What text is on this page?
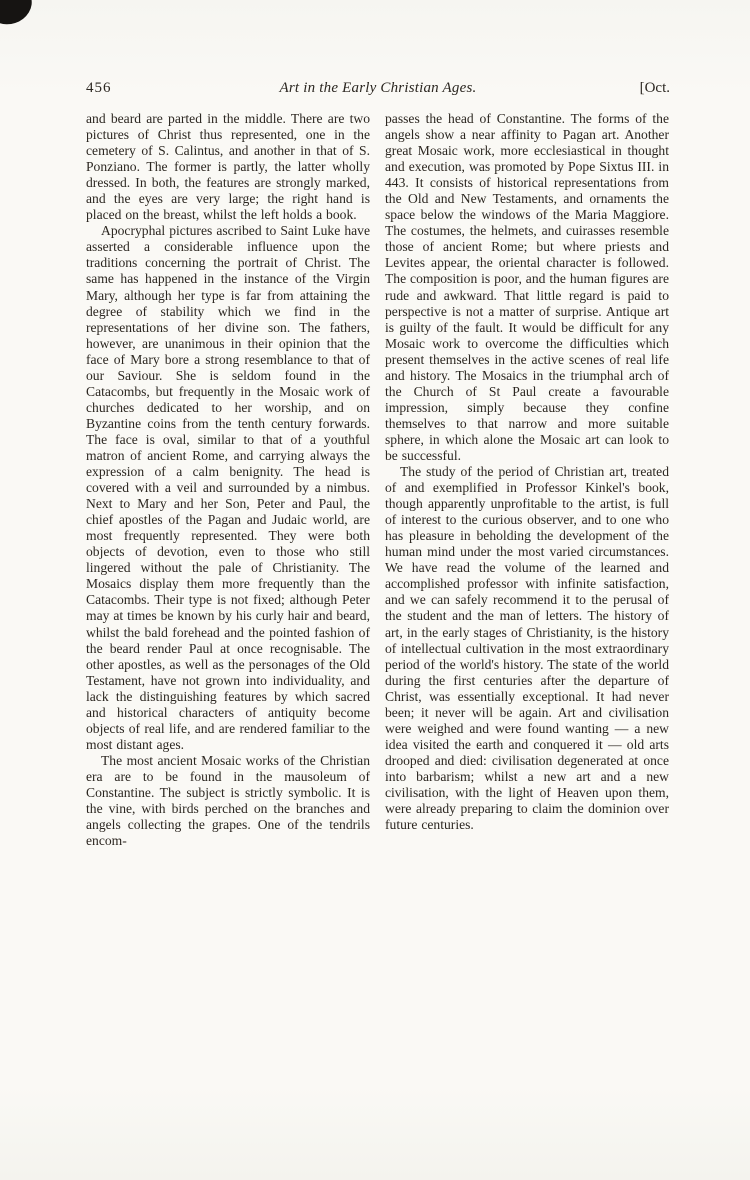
456	Art in the Early Christian Ages.	[Oct.

and beard are parted in the middle. There are two pictures of Christ thus represented, one in the cemetery of S. Calintus, and another in that of S. Ponziano. The former is partly, the latter wholly dressed. In both, the features are strongly marked, and the eyes are very large; the right hand is placed on the breast, whilst the left holds a book.

Apocryphal pictures ascribed to Saint Luke have asserted a considerable influence upon the traditions concerning the portrait of Christ. The same has happened in the instance of the Virgin Mary, although her type is far from attaining the degree of stability which we find in the representations of her divine son. The fathers, however, are unanimous in their opinion that the face of Mary bore a strong resemblance to that of our Saviour. She is seldom found in the Catacombs, but frequently in the Mosaic work of churches dedicated to her worship, and on Byzantine coins from the tenth century forwards. The face is oval, similar to that of a youthful matron of ancient Rome, and carrying always the expression of a calm benignity. The head is covered with a veil and surrounded by a nimbus. Next to Mary and her Son, Peter and Paul, the chief apostles of the Pagan and Judaic world, are most frequently represented. They were both objects of devotion, even to those who still lingered without the pale of Christianity. The Mosaics display them more frequently than the Catacombs. Their type is not fixed; although Peter may at times be known by his curly hair and beard, whilst the bald forehead and the pointed fashion of the beard render Paul at once recognisable. The other apostles, as well as the personages of the Old Testament, have not grown into individuality, and lack the distinguishing features by which sacred and historical characters of antiquity become objects of real life, and are rendered familiar to the most distant ages.

The most ancient Mosaic works of the Christian era are to be found in the mausoleum of Constantine. The subject is strictly symbolic. It is the vine, with birds perched on the branches and angels collecting the grapes. One of the tendrils encom-

passes the head of Constantine. The forms of the angels show a near affinity to Pagan art. Another great Mosaic work, more ecclesiastical in thought and execution, was promoted by Pope Sixtus III. in 443. It consists of historical representations from the Old and New Testaments, and ornaments the space below the windows of the Maria Maggiore. The costumes, the helmets, and cuirasses resemble those of ancient Rome; but where priests and Levites appear, the oriental character is followed. The composition is poor, and the human figures are rude and awkward. That little regard is paid to perspective is not a matter of surprise. Antique art is guilty of the fault. It would be difficult for any Mosaic work to overcome the difficulties which present themselves in the active scenes of real life and history. The Mosaics in the triumphal arch of the Church of St Paul create a favourable impression, simply because they confine themselves to that narrow and more suitable sphere, in which alone the Mosaic art can look to be successful.

The study of the period of Christian art, treated of and exemplified in Professor Kinkel's book, though apparently unprofitable to the artist, is full of interest to the curious observer, and to one who has pleasure in beholding the development of the human mind under the most varied circumstances. We have read the volume of the learned and accomplished professor with infinite satisfaction, and we can safely recommend it to the perusal of the student and the man of letters. The history of art, in the early stages of Christianity, is the history of intellectual cultivation in the most extraordinary period of the world's history. The state of the world during the first centuries after the departure of Christ, was essentially exceptional. It had never been; it never will be again. Art and civilisation were weighed and were found wanting — a new idea visited the earth and conquered it — old arts drooped and died: civilisation degenerated at once into barbarism; whilst a new art and a new civilisation, with the light of Heaven upon them, were already preparing to claim the dominion over future centuries.
